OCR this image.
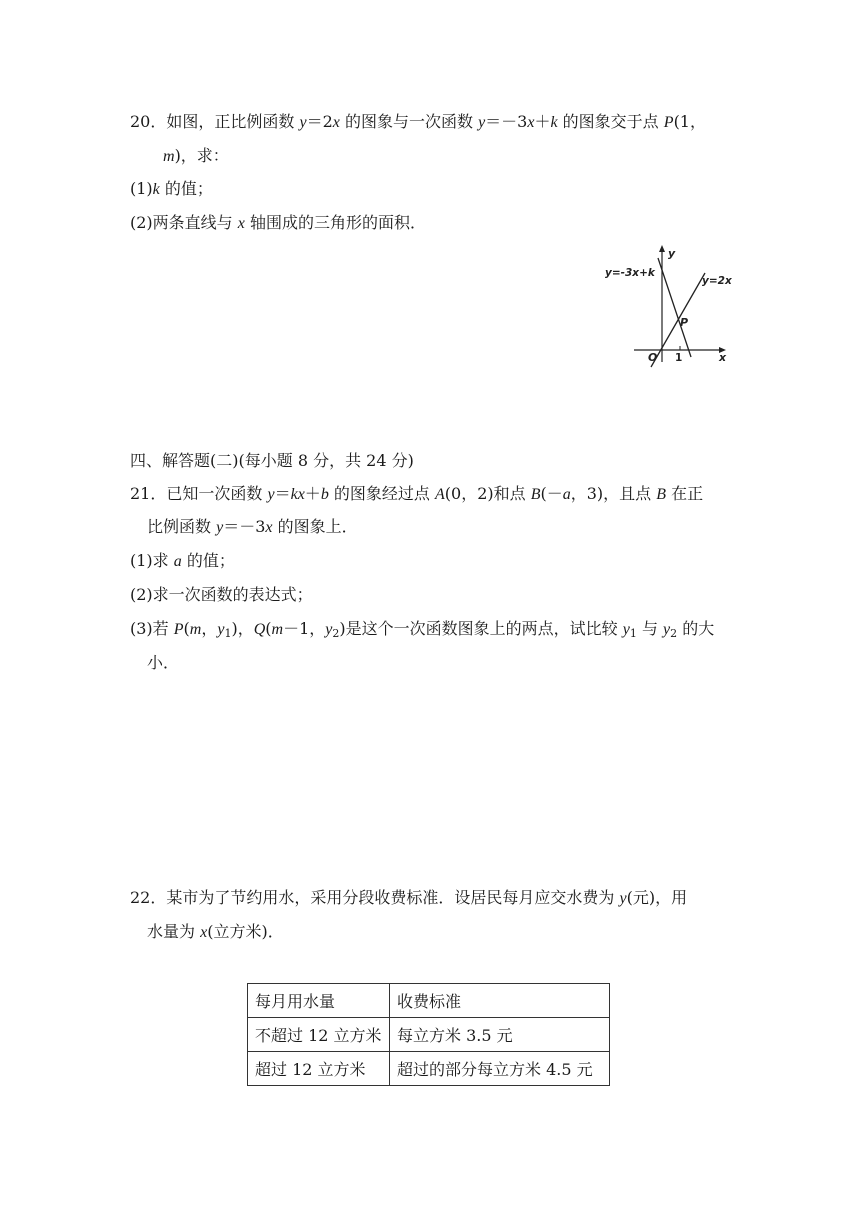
20．如图，正比例函数 y＝2x 的图象与一次函数 y＝－3x＋k 的图象交于点 P(1，
m)，求：
(1)k 的值；
(2)两条直线与 x 轴围成的三角形的面积．
y=-3x+k
y=2x
P
O 1	x
y
四、解答题(二)(每小题 8 分，共 24 分)
21．已知一次函数 y＝kx＋b 的图象经过点 A(0，2)和点 B(－a，3)，且点 B 在正
比例函数 y＝－3x 的图象上．
(1)求 a 的值；
(2)求一次函数的表达式；
(3)若 P(m，$y_1$)，Q(m－1，$y_2$)是这个一次函数图象上的两点，试比较 $y_1$ 与 $y_2$ 的大
小．
22．某市为了节约用水，采用分段收费标准．设居民每月应交水费为 y(元)，用
水量为 x(立方米)．
每月用水量	收费标准
不超过 12 立方米	每立方米 3.5 元
超过 12 立方米	超过的部分每立方米 4.5 元
